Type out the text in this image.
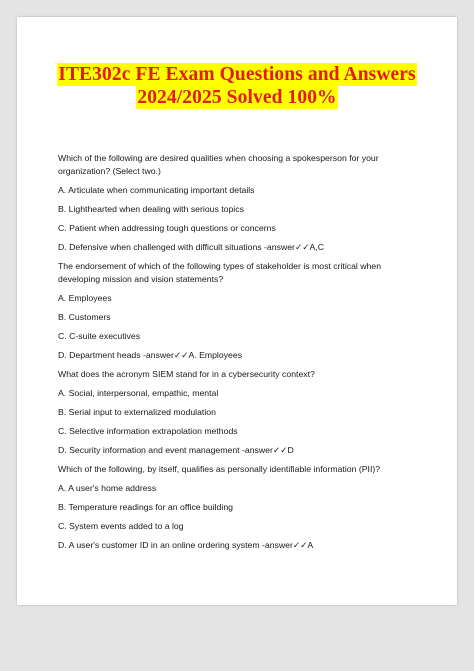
ITE302c FE Exam Questions and Answers
2024/2025 Solved 100%
Which of the following are desired qualities when choosing a spokesperson for your organization? (Select two.)
A. Articulate when communicating important details
B. Lighthearted when dealing with serious topics
C. Patient when addressing tough questions or concerns
D. Defensive when challenged with difficult situations -answer✓✓A,C
The endorsement of which of the following types of stakeholder is most critical when developing mission and vision statements?
A. Employees
B. Customers
C. C-suite executives
D. Department heads -answer✓✓A. Employees
What does the acronym SIEM stand for in a cybersecurity context?
A. Social, interpersonal, empathic, mental
B. Serial input to externalized modulation
C. Selective information extrapolation methods
D. Security information and event management -answer✓✓D
Which of the following, by itself, qualifies as personally identifiable information (PII)?
A. A user's home address
B. Temperature readings for an office building
C. System events added to a log
D. A user's customer ID in an online ordering system -answer✓✓A
